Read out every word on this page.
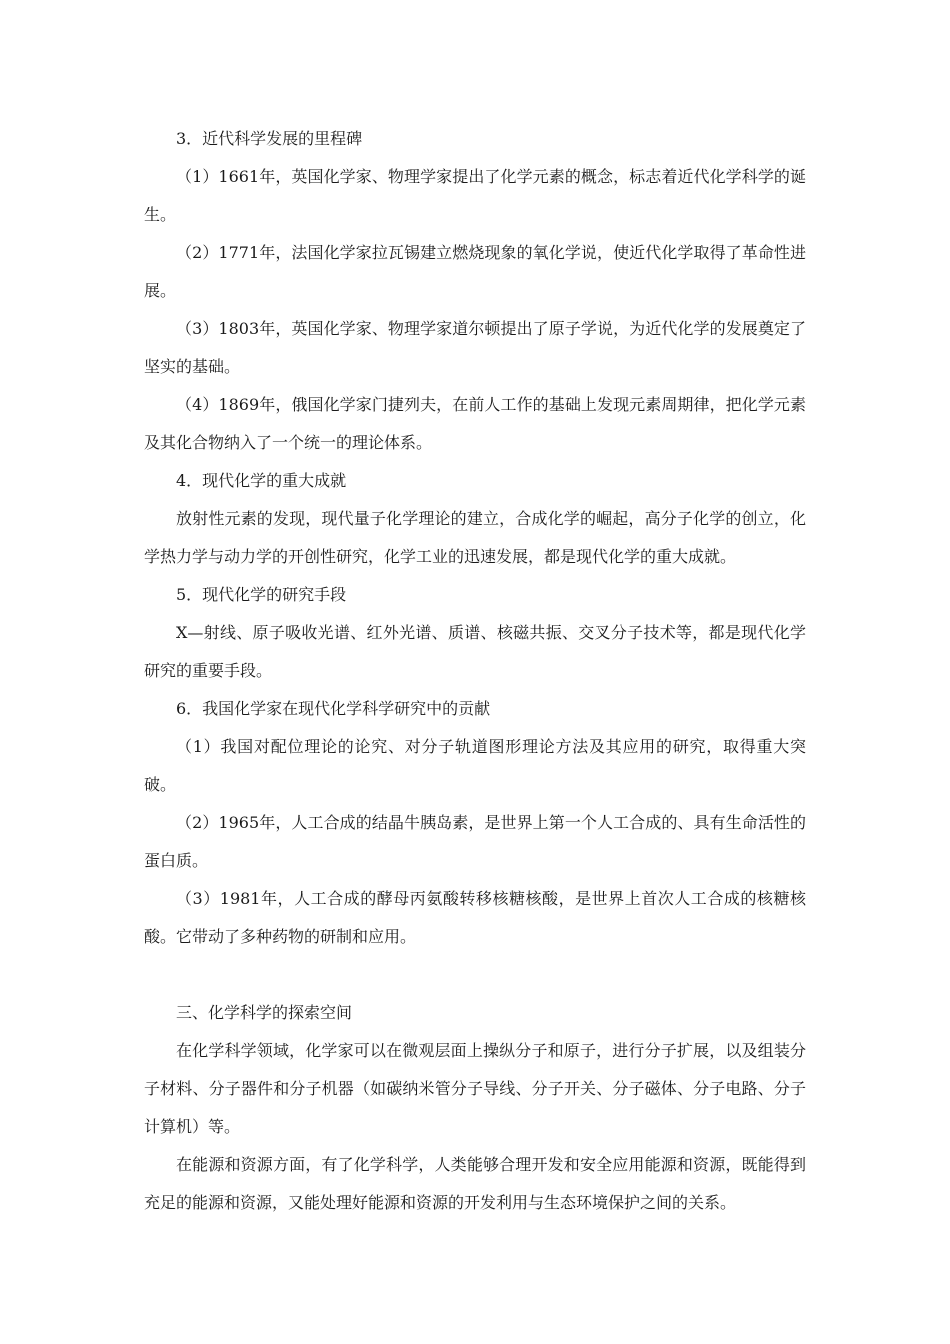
3．近代科学发展的里程碑

（1）1661年，英国化学家、物理学家提出了化学元素的概念，标志着近代化学科学的诞生。

（2）1771年，法国化学家拉瓦锡建立燃烧现象的氧化学说，使近代化学取得了革命性进展。

（3）1803年，英国化学家、物理学家道尔顿提出了原子学说，为近代化学的发展奠定了坚实的基础。

（4）1869年，俄国化学家门捷列夫，在前人工作的基础上发现元素周期律，把化学元素及其化合物纳入了一个统一的理论体系。

4．现代化学的重大成就

放射性元素的发现，现代量子化学理论的建立，合成化学的崛起，高分子化学的创立，化学热力学与动力学的开创性研究，化学工业的迅速发展，都是现代化学的重大成就。

5．现代化学的研究手段

X—射线、原子吸收光谱、红外光谱、质谱、核磁共振、交叉分子技术等，都是现代化学研究的重要手段。

6．我国化学家在现代化学科学研究中的贡献

（1）我国对配位理论的论究、对分子轨道图形理论方法及其应用的研究，取得重大突破。

（2）1965年，人工合成的结晶牛胰岛素，是世界上第一个人工合成的、具有生命活性的蛋白质。

（3）1981年，人工合成的酵母丙氨酸转移核糖核酸，是世界上首次人工合成的核糖核酸。它带动了多种药物的研制和应用。

三、化学科学的探索空间

在化学科学领域，化学家可以在微观层面上操纵分子和原子，进行分子扩展，以及组装分子材料、分子器件和分子机器（如碳纳米管分子导线、分子开关、分子磁体、分子电路、分子计算机）等。

在能源和资源方面，有了化学科学，人类能够合理开发和安全应用能源和资源，既能得到充足的能源和资源，又能处理好能源和资源的开发利用与生态环境保护之间的关系。
